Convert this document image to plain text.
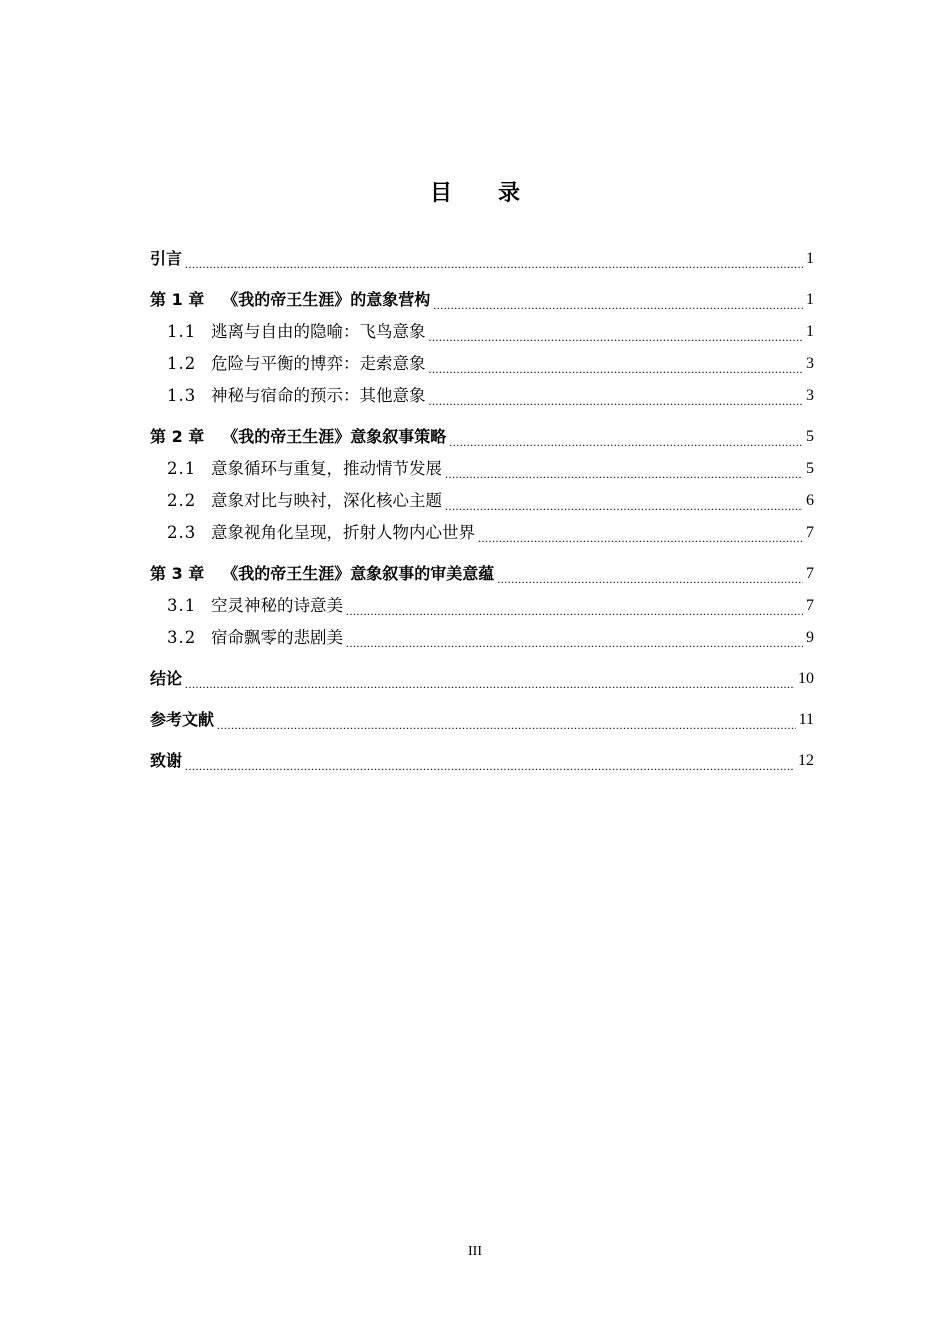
目 录
引言 .....	1
第 1 章 《我的帝王生涯》的意象营构 .....	1
1.1 逃离与自由的隐喻：飞鸟意象 .....	1
1.2 危险与平衡的博弈：走索意象 .....	3
1.3 神秘与宿命的预示：其他意象 .....	3
第 2 章 《我的帝王生涯》意象叙事策略 .....	5
2.1 意象循环与重复，推动情节发展 .....	5
2.2 意象对比与映衬，深化核心主题 .....	6
2.3 意象视角化呈现，折射人物内心世界 .....	7
第 3 章 《我的帝王生涯》意象叙事的审美意蕴 .....	7
3.1 空灵神秘的诗意美 .....	7
3.2 宿命飘零的悲剧美 .....	9
结论 .....	10
参考文献 .....	11
致谢 .....	12
III
